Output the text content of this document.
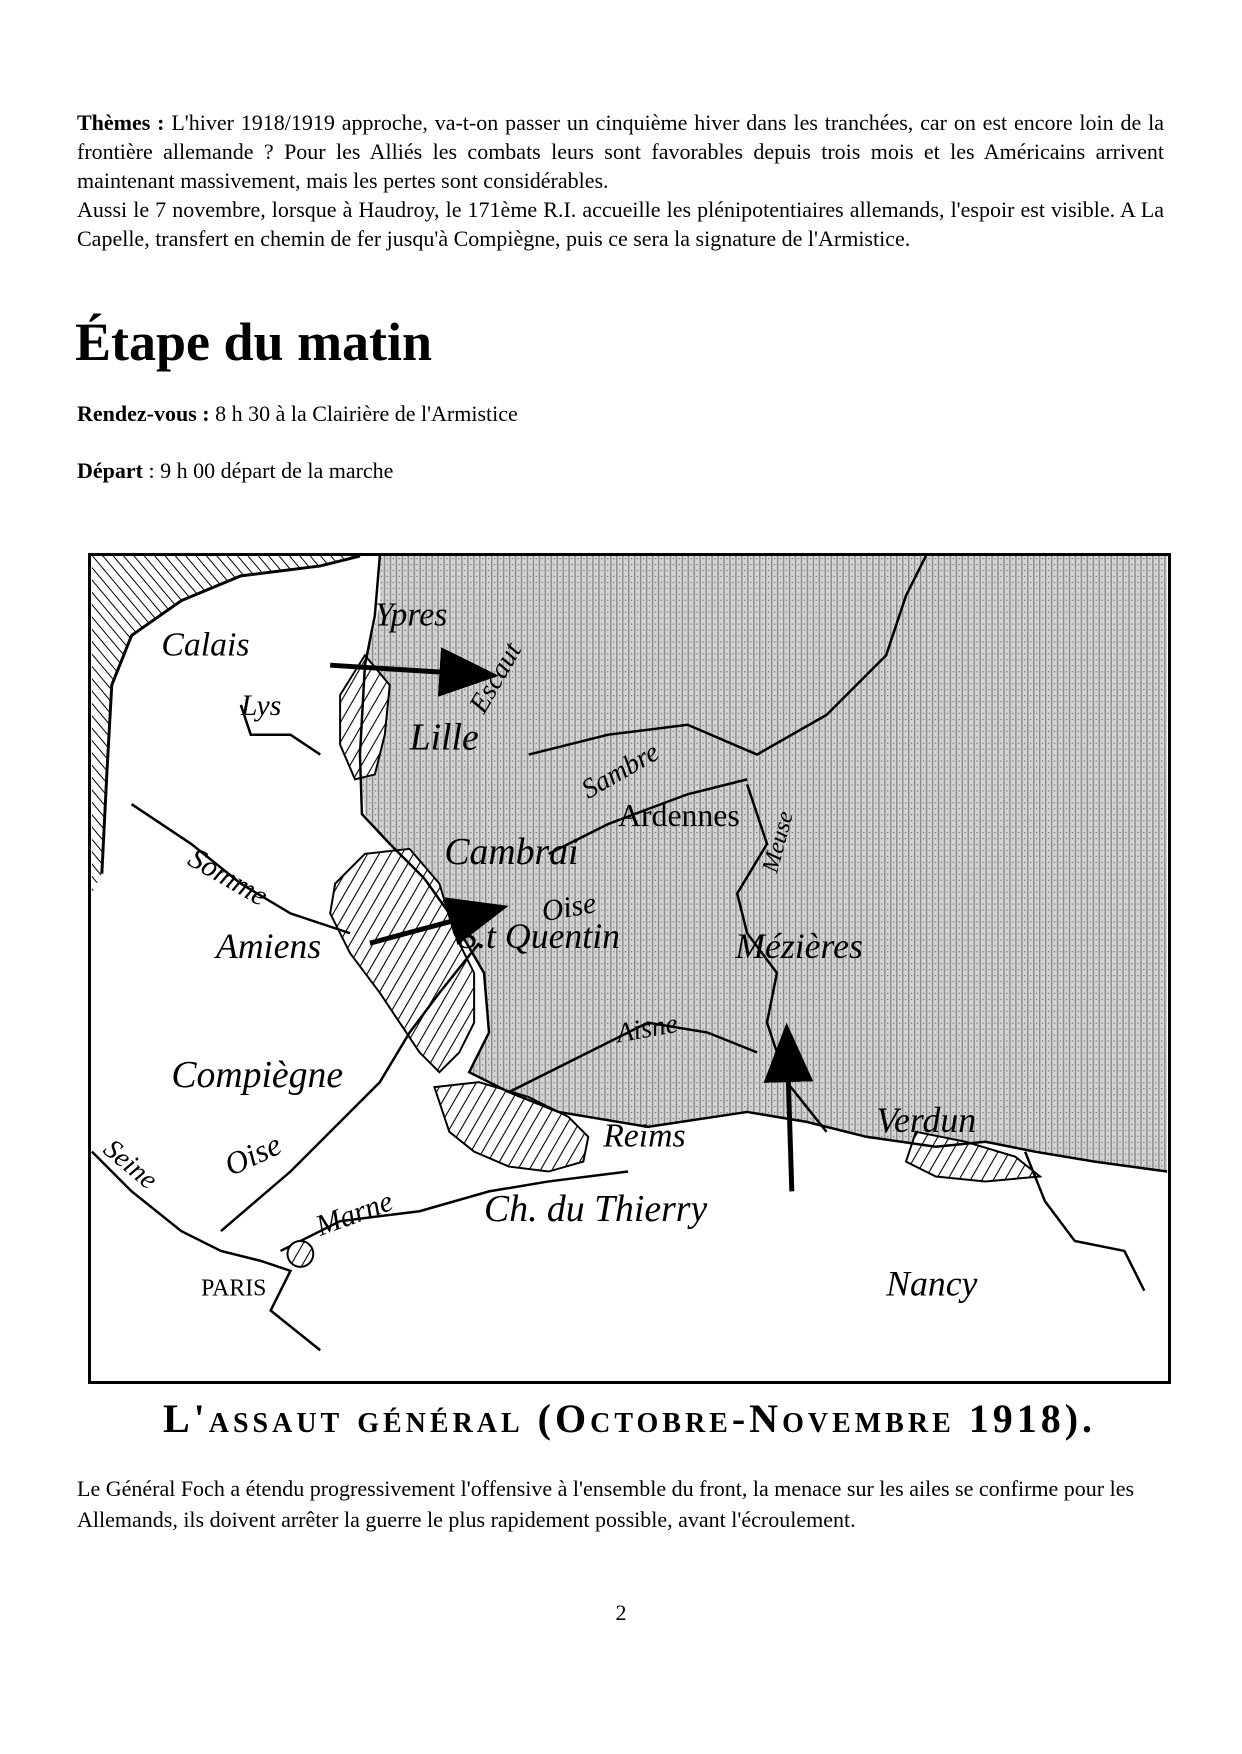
Thèmes : L'hiver 1918/1919 approche, va-t-on passer un cinquième hiver dans les tranchées, car on est encore loin de la frontière allemande ? Pour les Alliés les combats leurs sont favorables depuis trois mois et les Américains arrivent maintenant massivement, mais les pertes sont considérables.

Aussi le 7 novembre, lorsque à Haudroy, le 171ème R.I. accueille les plénipotentiaires allemands, l'espoir est visible. A La Capelle, transfert en chemin de fer jusqu'à Compiègne, puis ce sera la signature de l'Armistice.

Étape du matin
Rendez-vous : 8 h 30 à la Clairière de l'Armistice
Départ : 9 h 00 départ de la marche
Calais
Ypres
Lys
Lille
Escaut
Sambre
Ardennes Meuse
Cambrai
Somme	Oise
Amiens	S.t Quentin	Mézières
Aisne
Compiègne
Reims	Verdun
Seine Oise
Marne Ch. du Thierry
PARIS	Nancy
L'assaut général (Octobre-Novembre 1918).

Le Général Foch a étendu progressivement l'offensive à l'ensemble du front, la menace sur les ailes se confirme pour les Allemands, ils doivent arrêter la guerre le plus rapidement possible, avant l'écroulement.

2
